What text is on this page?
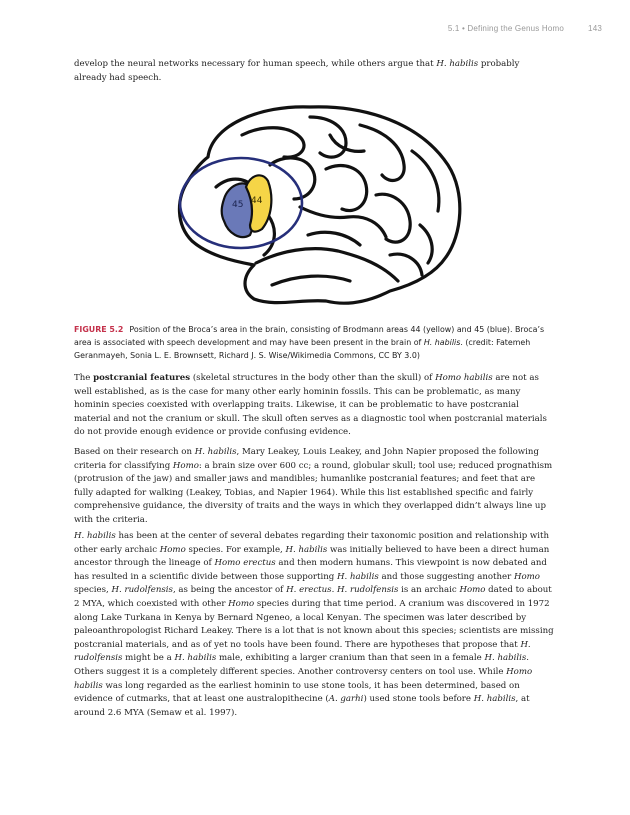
5.1 • Defining the Genus Homo	143

develop the neural networks necessary for human speech, while others argue that H. habilis probably already had speech.

45 44

FIGURE 5.2 Position of the Broca’s area in the brain, consisting of Brodmann areas 44 (yellow) and 45 (blue). Broca’s area is associated with speech development and may have been present in the brain of H. habilis. (credit: Fatemeh Geranmayeh, Sonia L. E. Brownsett, Richard J. S. Wise/Wikimedia Commons, CC BY 3.0)

The postcranial features (skeletal structures in the body other than the skull) of Homo habilis are not as well established, as is the case for many other early hominin fossils. This can be problematic, as many hominin species coexisted with overlapping traits. Likewise, it can be problematic to have postcranial material and not the cranium or skull. The skull often serves as a diagnostic tool when postcranial materials do not provide enough evidence or provide confusing evidence.

Based on their research on H. habilis, Mary Leakey, Louis Leakey, and John Napier proposed the following criteria for classifying Homo: a brain size over 600 cc; a round, globular skull; tool use; reduced prognathism (protrusion of the jaw) and smaller jaws and mandibles; humanlike postcranial features; and feet that are fully adapted for walking (Leakey, Tobias, and Napier 1964). While this list established specific and fairly comprehensive guidance, the diversity of traits and the ways in which they overlapped didn’t always line up with the criteria.

H. habilis has been at the center of several debates regarding their taxonomic position and relationship with other early archaic Homo species. For example, H. habilis was initially believed to have been a direct human ancestor through the lineage of Homo erectus and then modern humans. This viewpoint is now debated and has resulted in a scientific divide between those supporting H. habilis and those suggesting another Homo species, H. rudolfensis, as being the ancestor of H. erectus. H. rudolfensis is an archaic Homo dated to about 2 MYA, which coexisted with other Homo species during that time period. A cranium was discovered in 1972 along Lake Turkana in Kenya by Bernard Ngeneo, a local Kenyan. The specimen was later described by paleoanthropologist Richard Leakey. There is a lot that is not known about this species; scientists are missing postcranial materials, and as of yet no tools have been found. There are hypotheses that propose that H. rudolfensis might be a H. habilis male, exhibiting a larger cranium than that seen in a female H. habilis. Others suggest it is a completely different species. Another controversy centers on tool use. While Homo habilis was long regarded as the earliest hominin to use stone tools, it has been determined, based on evidence of cutmarks, that at least one australopithecine (A. garhi) used stone tools before H. habilis, at around 2.6 MYA (Semaw et al. 1997).
